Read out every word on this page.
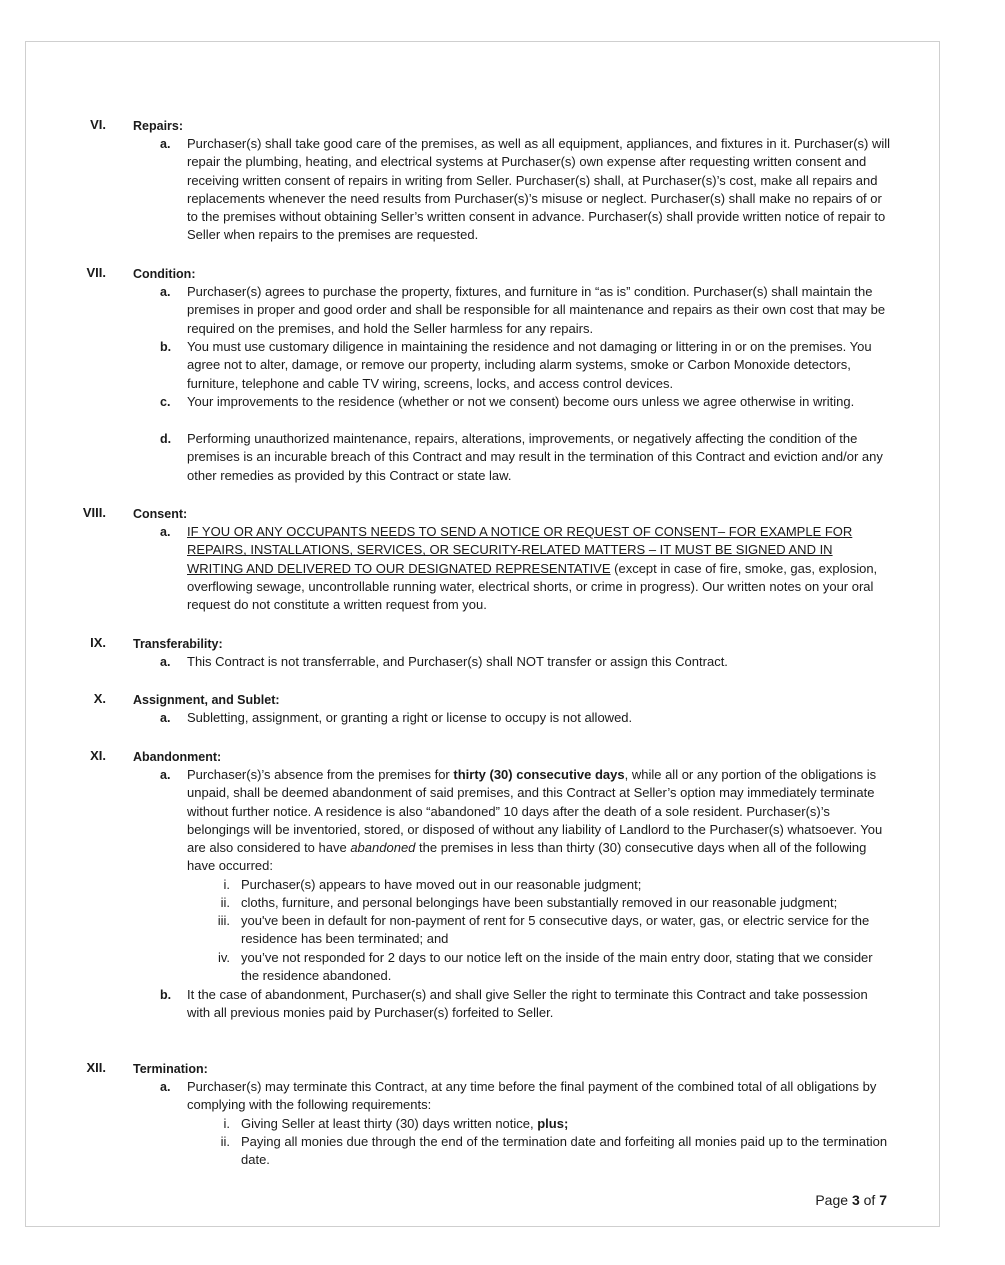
VI. Repairs:
a. Purchaser(s) shall take good care of the premises, as well as all equipment, appliances, and fixtures in it. Purchaser(s) will repair the plumbing, heating, and electrical systems at Purchaser(s) own expense after requesting written consent and receiving written consent of repairs in writing from Seller. Purchaser(s) shall, at Purchaser(s)’s cost, make all repairs and replacements whenever the need results from Purchaser(s)’s misuse or neglect. Purchaser(s) shall make no repairs of or to the premises without obtaining Seller’s written consent in advance. Purchaser(s) shall provide written notice of repair to Seller when repairs to the premises are requested.
VII. Condition:
a. Purchaser(s) agrees to purchase the property, fixtures, and furniture in “as is” condition. Purchaser(s) shall maintain the premises in proper and good order and shall be responsible for all maintenance and repairs as their own cost that may be required on the premises, and hold the Seller harmless for any repairs.
b. You must use customary diligence in maintaining the residence and not damaging or littering in or on the premises. You agree not to alter, damage, or remove our property, including alarm systems, smoke or Carbon Monoxide detectors, furniture, telephone and cable TV wiring, screens, locks, and access control devices.
c. Your improvements to the residence (whether or not we consent) become ours unless we agree otherwise in writing.
d. Performing unauthorized maintenance, repairs, alterations, improvements, or negatively affecting the condition of the premises is an incurable breach of this Contract and may result in the termination of this Contract and eviction and/or any other remedies as provided by this Contract or state law.
VIII. Consent:
a. IF YOU OR ANY OCCUPANTS NEEDS TO SEND A NOTICE OR REQUEST OF CONSENT– FOR EXAMPLE FOR REPAIRS, INSTALLATIONS, SERVICES, OR SECURITY-RELATED MATTERS – IT MUST BE SIGNED AND IN WRITING AND DELIVERED TO OUR DESIGNATED REPRESENTATIVE (except in case of fire, smoke, gas, explosion, overflowing sewage, uncontrollable running water, electrical shorts, or crime in progress). Our written notes on your oral request do not constitute a written request from you.
IX. Transferability:
a. This Contract is not transferrable, and Purchaser(s) shall NOT transfer or assign this Contract.
X. Assignment, and Sublet:
a. Subletting, assignment, or granting a right or license to occupy is not allowed.
XI. Abandonment:
a. Purchaser(s)’s absence from the premises for thirty (30) consecutive days, while all or any portion of the obligations is unpaid, shall be deemed abandonment of said premises, and this Contract at Seller’s option may immediately terminate without further notice. A residence is also “abandoned” 10 days after the death of a sole resident. Purchaser(s)’s belongings will be inventoried, stored, or disposed of without any liability of Landlord to the Purchaser(s) whatsoever. You are also considered to have abandoned the premises in less than thirty (30) consecutive days when all of the following have occurred:
i. Purchaser(s) appears to have moved out in our reasonable judgment;
ii. cloths, furniture, and personal belongings have been substantially removed in our reasonable judgment;
iii. you've been in default for non-payment of rent for 5 consecutive days, or water, gas, or electric service for the residence has been terminated; and
iv. you’ve not responded for 2 days to our notice left on the inside of the main entry door, stating that we consider the residence abandoned.
b. It the case of abandonment, Purchaser(s) and shall give Seller the right to terminate this Contract and take possession with all previous monies paid by Purchaser(s) forfeited to Seller.
XII. Termination:
a. Purchaser(s) may terminate this Contract, at any time before the final payment of the combined total of all obligations by complying with the following requirements:
i. Giving Seller at least thirty (30) days written notice, plus;
ii. Paying all monies due through the end of the termination date and forfeiting all monies paid up to the termination date.
Page 3 of 7
